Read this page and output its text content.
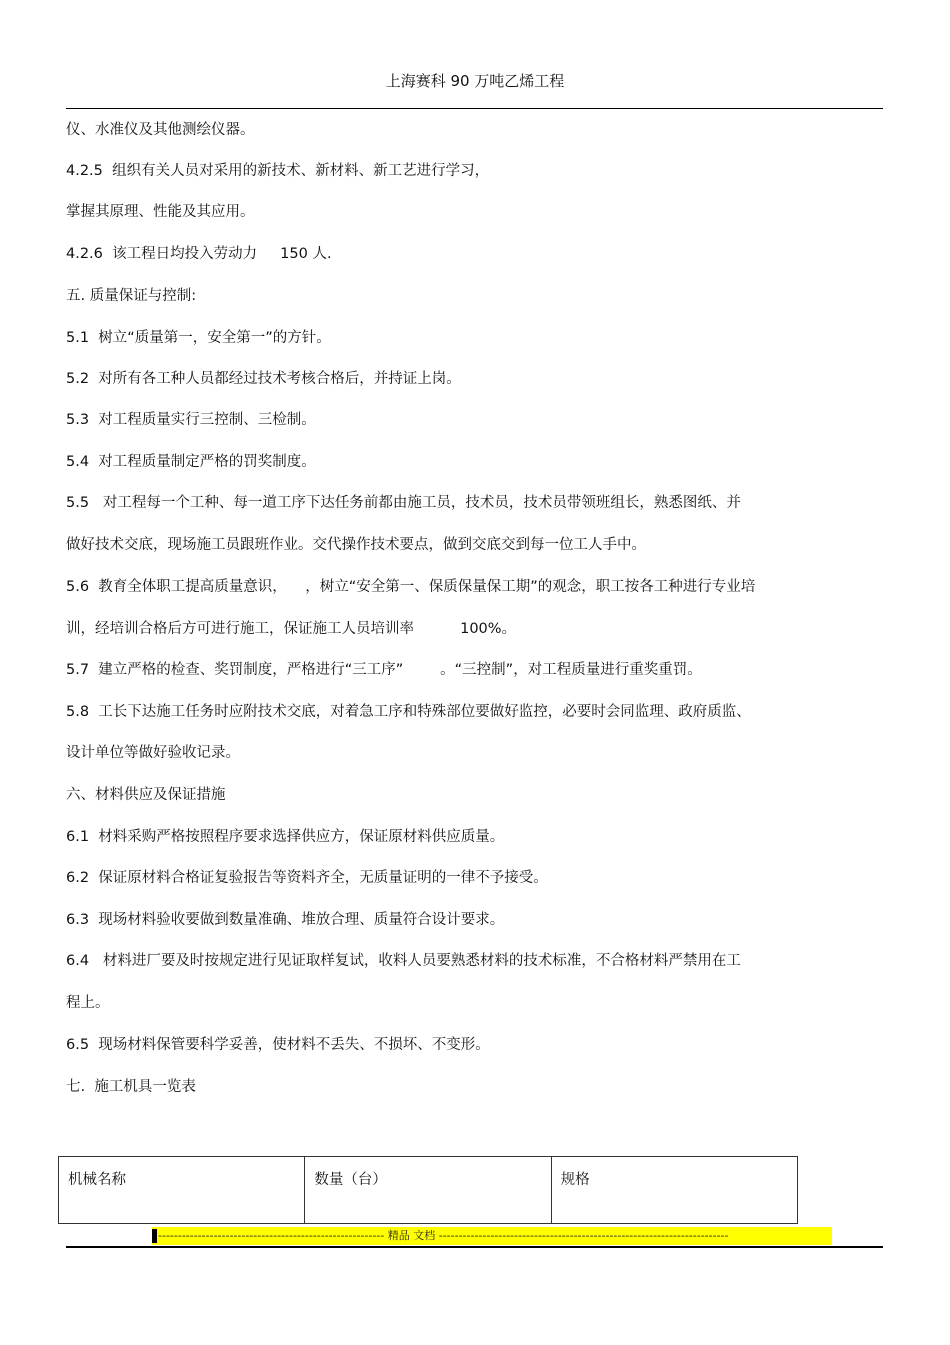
上海赛科 90 万吨乙烯工程
仪、水准仪及其他测绘仪器。
4.2.5  组织有关人员对采用的新技术、新材料、新工艺进行学习，
掌握其原理、性能及其应用。
4.2.6  该工程日均投入劳动力     150 人.
五. 质量保证与控制:
5.1  树立“质量第一，安全第一”的方针。
5.2  对所有各工种人员都经过技术考核合格后，并持证上岗。
5.3  对工程质量实行三控制、三检制。
5.4  对工程质量制定严格的罚奖制度。
5.5   对工程每一个工种、每一道工序下达任务前都由施工员，技术员，技术员带领班组长，熟悉图纸、并
做好技术交底，现场施工员跟班作业。交代操作技术要点，做到交底交到每一位工人手中。
5.6  教育全体职工提高质量意识，    ，树立“安全第一、保质保量保工期”的观念，职工按各工种进行专业培
训，经培训合格后方可进行施工，保证施工人员培训率          100%。
5.7  建立严格的检查、奖罚制度，严格进行“三工序”        。“三控制”，对工程质量进行重奖重罚。
5.8  工长下达施工任务时应附技术交底，对着急工序和特殊部位要做好监控，必要时会同监理、政府质监、
设计单位等做好验收记录。
六、材料供应及保证措施
6.1  材料采购严格按照程序要求选择供应方，保证原材料供应质量。
6.2  保证原材料合格证复验报告等资料齐全，无质量证明的一律不予接受。
6.3  现场材料验收要做到数量准确、堆放合理、质量符合设计要求。
6.4   材料进厂要及时按规定进行见证取样复试，收料人员要熟悉材料的技术标准，不合格材料严禁用在工
程上。
6.5  现场材料保管要科学妥善，使材料不丢失、不损坏、不变形。
七.  施工机具一览表
机械名称	数量（台）	规格
--------------------------------------------------------- 精品 文档 -------------------------------------------------------------------------
